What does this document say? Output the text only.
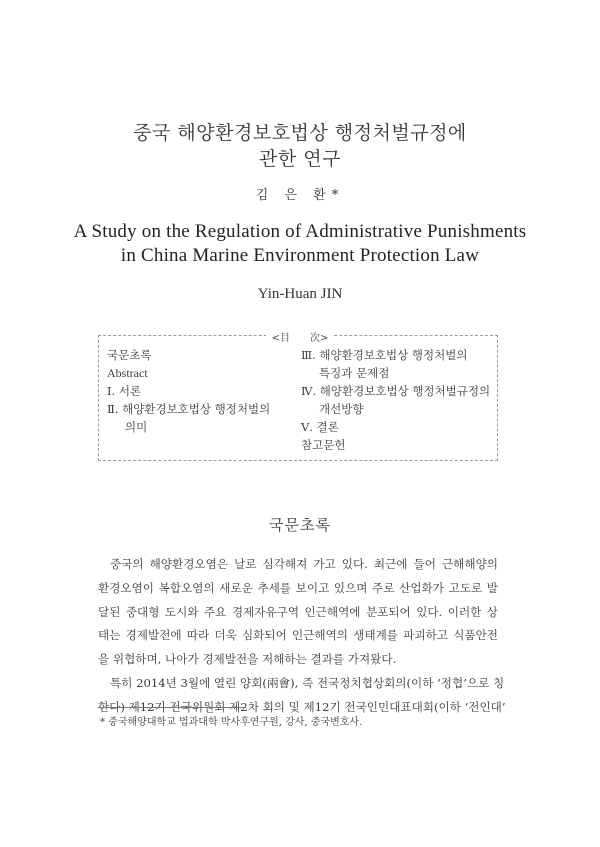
중국 해양환경보호법상 행정처벌규정에
관한 연구
김 은 환*
A Study on the Regulation of Administrative Punishments
in China Marine Environment Protection Law
Yin-Huan JIN
<目　　次>
국문초록
Abstract
Ⅰ. 서론
Ⅱ. 해양환경보호법상 행정처벌의
의미
Ⅲ. 해양환경보호법상 행정처벌의
특징과 문제점
Ⅳ. 해양환경보호법상 행정처벌규정의
개선방향
Ⅴ. 결론
참고문헌
국문초록
중국의 해양환경오염은 날로 심각해져 가고 있다. 최근에 들어 근해해양의
환경오염이 복합오염의 새로운 추세를 보이고 있으며 주로 산업화가 고도로 발
달된 중대형 도시와 주요 경제자유구역 인근해역에 분포되어 있다. 이러한 상
태는 경제발전에 따라 더욱 심화되어 인근해역의 생태계를 파괴하고 식품안전
을 위협하며, 나아가 경제발전을 저해하는 결과를 가져왔다.
특히 2014년 3월에 열린 양회(兩會), 즉 전국정치협상회의(이하 ‘정협’으로 칭
한다) 제12기 전국위원회 제2차 회의 및 제12기 전국인민대표대회(이하 ‘전인대’
* 중국해양대학교 법과대학 박사후연구원, 강사, 중국변호사.
